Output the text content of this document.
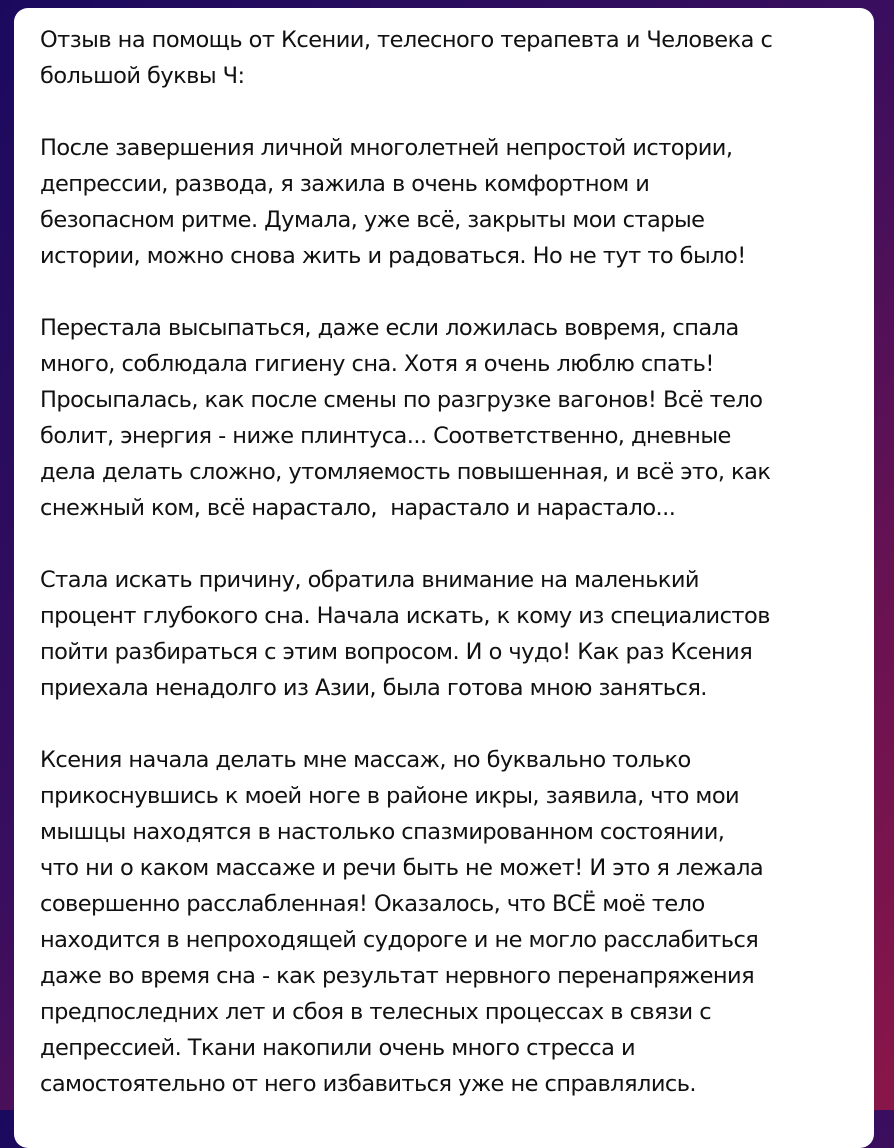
Отзыв на помощь от Ксении, телесного терапевта и Человека с
большой буквы Ч:

После завершения личной многолетней непростой истории,
депрессии, развода, я зажила в очень комфортном и
безопасном ритме. Думала, уже всё, закрыты мои старые
истории, можно снова жить и радоваться. Но не тут то было!

Перестала высыпаться, даже если ложилась вовремя, спала
много, соблюдала гигиену сна. Хотя я очень люблю спать!
Просыпалась, как после смены по разгрузке вагонов! Всё тело
болит, энергия - ниже плинтуса... Соответственно, дневные
дела делать сложно, утомляемость повышенная, и всё это, как
снежный ком, всё нарастало,  нарастало и нарастало...

Стала искать причину, обратила внимание на маленький
процент глубокого сна. Начала искать, к кому из специалистов
пойти разбираться с этим вопросом. И о чудо! Как раз Ксения
приехала ненадолго из Азии, была готова мною заняться.

Ксения начала делать мне массаж, но буквально только
прикоснувшись к моей ноге в районе икры, заявила, что мои
мышцы находятся в настолько спазмированном состоянии,
что ни о каком массаже и речи быть не может! И это я лежала
совершенно расслабленная! Оказалось, что ВСЁ моё тело
находится в непроходящей судороге и не могло расслабиться
даже во время сна - как результат нервного перенапряжения
предпоследних лет и сбоя в телесных процессах в связи с
депрессией. Ткани накопили очень много стресса и
самостоятельно от него избавиться уже не справлялись.
